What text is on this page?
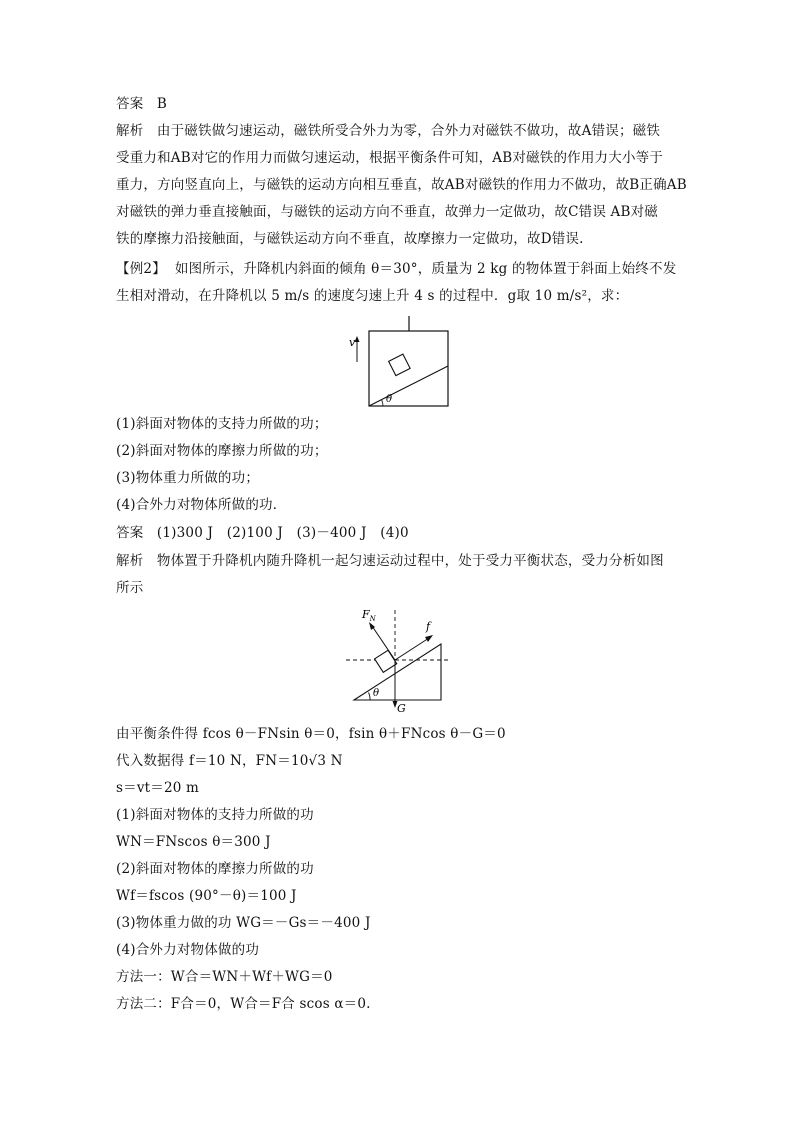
答案 B
解析 由于磁铁做匀速运动，磁铁所受合外力为零，合外力对磁铁不做功，故A错误；磁铁
受重力和AB对它的作用力而做匀速运动，根据平衡条件可知，AB对磁铁的作用力大小等于
重力，方向竖直向上，与磁铁的运动方向相互垂直，故AB对磁铁的作用力不做功，故B正确AB
对磁铁的弹力垂直接触面，与磁铁的运动方向不垂直，故弹力一定做功，故C错误 AB对磁
铁的摩擦力沿接触面，与磁铁运动方向不垂直，故摩擦力一定做功，故D错误.
【例2】 如图所示，升降机内斜面的倾角 θ＝30°，质量为 2 kg 的物体置于斜面上始终不发
生相对滑动，在升降机以 5 m/s 的速度匀速上升 4 s 的过程中．g取 10 m/s²，求：
v
θ
(1)斜面对物体的支持力所做的功；
(2)斜面对物体的摩擦力所做的功；
(3)物体重力所做的功；
(4)合外力对物体所做的功．
答案 (1)300 J　(2)100 J　(3)－400 J　(4)0
解析 物体置于升降机内随升降机一起匀速运动过程中，处于受力平衡状态，受力分析如图
所示
$F_N$
f
θ
G
由平衡条件得 fcos θ－FNsin θ＝0，fsin θ＋FNcos θ－G＝0
代入数据得 f＝10 N，FN＝10√3 N
s＝vt＝20 m
(1)斜面对物体的支持力所做的功
WN＝FNscos θ＝300 J
(2)斜面对物体的摩擦力所做的功
Wf＝fscos (90°－θ)＝100 J
(3)物体重力做的功 WG＝－Gs＝－400 J
(4)合外力对物体做的功
方法一：W合＝WN＋Wf＋WG＝0
方法二：F合＝0，W合＝F合 scos α＝0.
